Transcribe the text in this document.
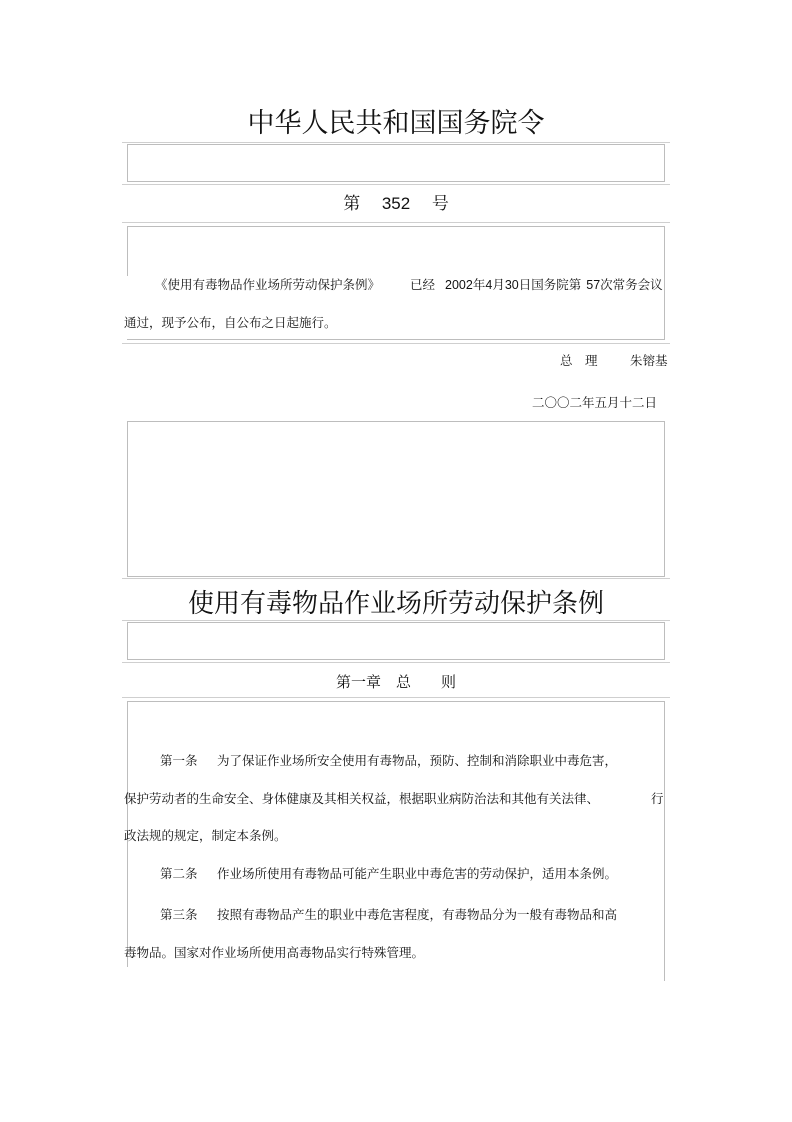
中华人民共和国国务院令
第 352 号
《使用有毒物品作业场所劳动保护条例》 已经 2002年4月30日国务院第 57次常务会议
通过，现予公布，自公布之日起施行。
总　理	朱镕基
二〇〇二年五月十二日
使用有毒物品作业场所劳动保护条例
第一章　 总　　则
第一条 为了保证作业场所安全使用有毒物品，预防、控制和消除职业中毒危害，
保护劳动者的生命安全、身体健康及其相关权益，根据职业病防治法和其他有关法律、	行
政法规的规定，制定本条例。
第二条 作业场所使用有毒物品可能产生职业中毒危害的劳动保护，适用本条例。
第三条 按照有毒物品产生的职业中毒危害程度，有毒物品分为一般有毒物品和高
毒物品。国家对作业场所使用高毒物品实行特殊管理。
